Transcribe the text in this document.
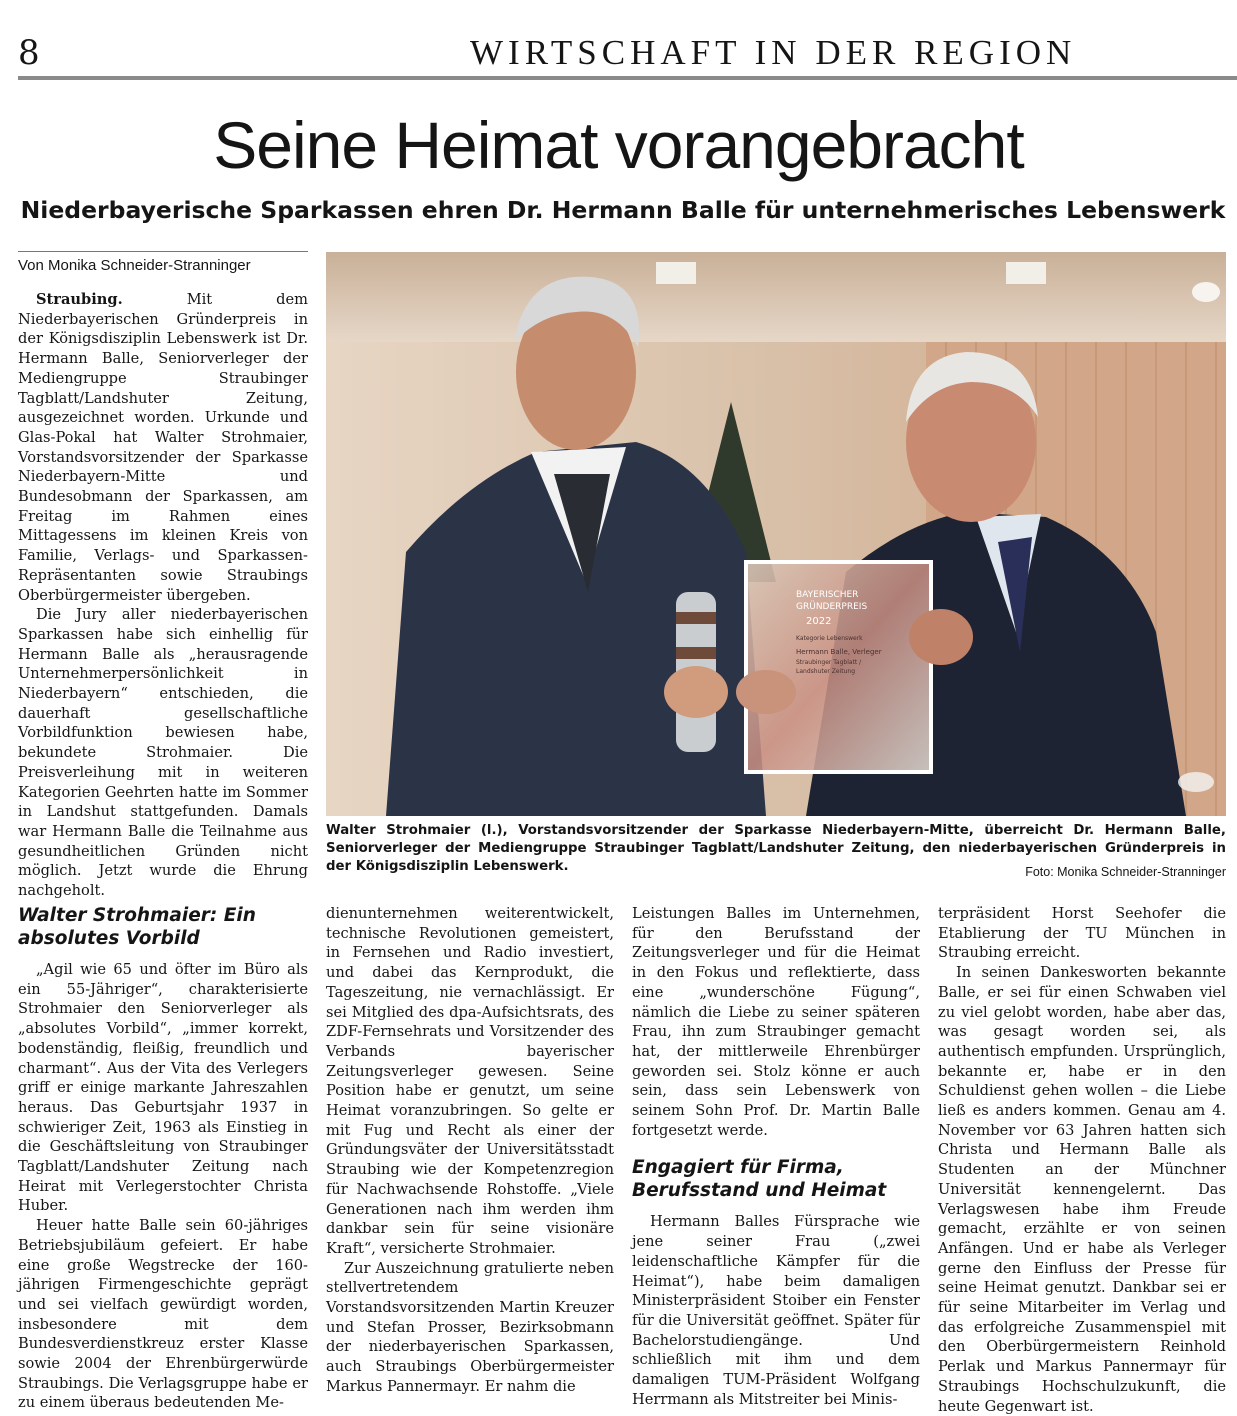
8	WIRTSCHAFT IN DER REGION
Seine Heimat vorangebracht
Niederbayerische Sparkassen ehren Dr. Hermann Balle für unternehmerisches Lebenswerk
Von Monika Schneider-Stranninger

Straubing. Mit dem Niederbayerischen Gründerpreis in der Königsdisziplin Lebenswerk ist Dr. Hermann Balle, Seniorverleger der Mediengruppe Straubinger Tagblatt/Landshuter Zeitung, ausgezeichnet worden. Urkunde und Glas-Pokal hat Walter Strohmaier, Vorstandsvorsitzender der Sparkasse Niederbayern-Mitte und Bundesobmann der Sparkassen, am Freitag im Rahmen eines Mittagessens im kleinen Kreis von Familie, Verlags- und Sparkassen-Repräsentanten sowie Straubings Oberbürgermeister übergeben.

Die Jury aller niederbayerischen Sparkassen habe sich einhellig für Hermann Balle als „herausragende Unternehmerpersönlichkeit in Niederbayern“ entschieden, die dauerhaft gesellschaftliche Vorbildfunktion bewiesen habe, bekundete Strohmaier. Die Preisverleihung mit in weiteren Kategorien Geehrten hatte im Sommer in Landshut stattgefunden. Damals war Hermann Balle die Teilnahme aus gesundheitlichen Gründen nicht möglich. Jetzt wurde die Ehrung nachgeholt.

BAYERISCHER
GRÜNDERPREIS
2022
Kategorie Lebenswerk
Hermann Balle, Verleger
Straubinger Tagblatt /
Landshuter Zeitung
Walter Strohmaier (l.), Vorstandsvorsitzender der Sparkasse Niederbayern-Mitte, überreicht Dr. Hermann Balle, Seniorverleger der Mediengruppe Straubinger Tagblatt/Landshuter Zeitung, den niederbayerischen Gründerpreis in der Königsdisziplin Lebenswerk.	Foto: Monika Schneider-Stranninger
Walter Strohmaier: Ein absolutes Vorbild

„Agil wie 65 und öfter im Büro als ein 55-Jähriger“, charakterisierte Strohmaier den Seniorverleger als „absolutes Vorbild“, „immer korrekt, bodenständig, fleißig, freundlich und charmant“. Aus der Vita des Verlegers griff er einige markante Jahreszahlen heraus. Das Geburtsjahr 1937 in schwieriger Zeit, 1963 als Einstieg in die Geschäftsleitung von Straubinger Tagblatt/Landshuter Zeitung nach Heirat mit Verlegerstochter Christa Huber.

Heuer hatte Balle sein 60-jähriges Betriebsjubiläum gefeiert. Er habe eine große Wegstrecke der 160-jährigen Firmengeschichte geprägt und sei vielfach gewürdigt worden, insbesondere mit dem Bundesverdienstkreuz erster Klasse sowie 2004 der Ehrenbürgerwürde Straubings. Die Verlagsgruppe habe er zu einem überaus bedeutenden Me-

dienunternehmen weiterentwickelt, technische Revolutionen gemeistert, in Fernsehen und Radio investiert, und dabei das Kernprodukt, die Tageszeitung, nie vernachlässigt. Er sei Mitglied des dpa-Aufsichtsrats, des ZDF-Fernsehrats und Vorsitzender des Verbands bayerischer Zeitungsverleger gewesen. Seine Position habe er genutzt, um seine Heimat voranzubringen. So gelte er mit Fug und Recht als einer der Gründungsväter der Universitätsstadt Straubing wie der Kompetenzregion für Nachwachsende Rohstoffe. „Viele Generationen nach ihm werden ihm dankbar sein für seine visionäre Kraft“, versicherte Strohmaier.

Zur Auszeichnung gratulierte neben stellvertretendem Vorstandsvorsitzenden Martin Kreuzer und Stefan Prosser, Bezirksobmann der niederbayerischen Sparkassen, auch Straubings Oberbürgermeister Markus Pannermayr. Er nahm die

Leistungen Balles im Unternehmen, für den Berufsstand der Zeitungsverleger und für die Heimat in den Fokus und reflektierte, dass eine „wunderschöne Fügung“, nämlich die Liebe zu seiner späteren Frau, ihn zum Straubinger gemacht hat, der mittlerweile Ehrenbürger geworden sei. Stolz könne er auch sein, dass sein Lebenswerk von seinem Sohn Prof. Dr. Martin Balle fortgesetzt werde.

Engagiert für Firma, Berufsstand und Heimat

Hermann Balles Fürsprache wie jene seiner Frau („zwei leidenschaftliche Kämpfer für die Heimat“), habe beim damaligen Ministerpräsident Stoiber ein Fenster für die Universität geöffnet. Später für Bachelorstudiengänge. Und schließlich mit ihm und dem damaligen TUM-Präsident Wolfgang Herrmann als Mitstreiter bei Minis-

terpräsident Horst Seehofer die Etablierung der TU München in Straubing erreicht.

In seinen Dankesworten bekannte Balle, er sei für einen Schwaben viel zu viel gelobt worden, habe aber das, was gesagt worden sei, als authentisch empfunden. Ursprünglich, bekannte er, habe er in den Schuldienst gehen wollen – die Liebe ließ es anders kommen. Genau am 4. November vor 63 Jahren hatten sich Christa und Hermann Balle als Studenten an der Münchner Universität kennengelernt. Das Verlagswesen habe ihm Freude gemacht, erzählte er von seinen Anfängen. Und er habe als Verleger gerne den Einfluss der Presse für seine Heimat genutzt. Dankbar sei er für seine Mitarbeiter im Verlag und das erfolgreiche Zusammenspiel mit den Oberbürgermeistern Reinhold Perlak und Markus Pannermayr für Straubings Hochschulzukunft, die heute Gegenwart ist.
